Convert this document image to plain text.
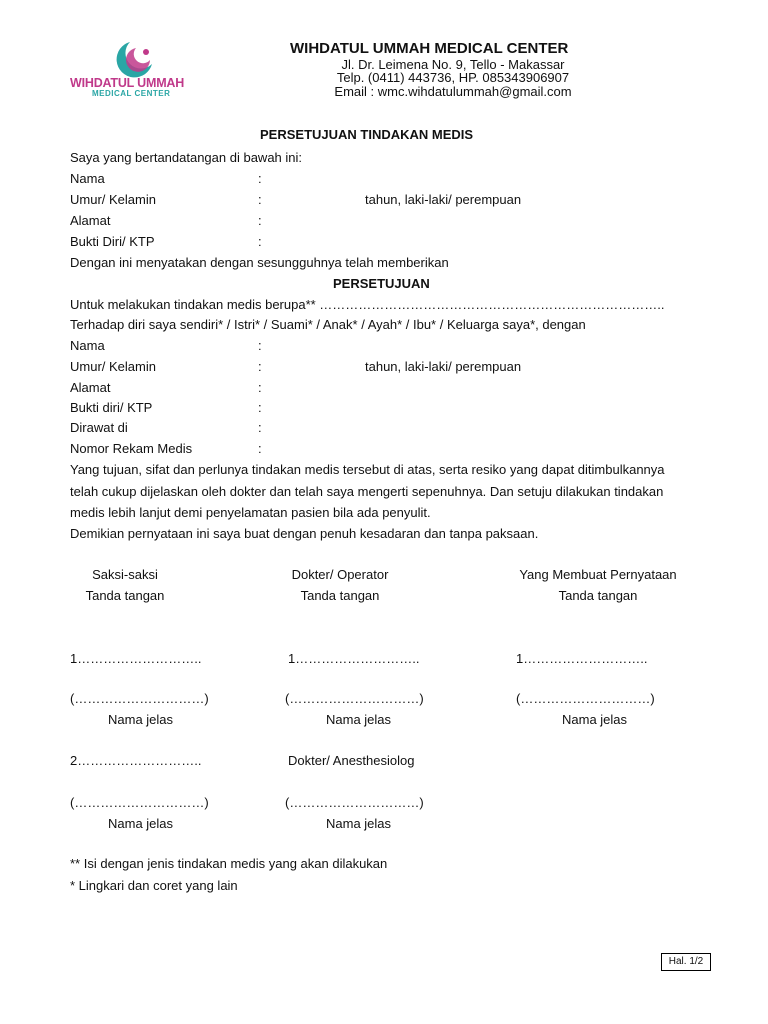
WIHDATUL UMMAH
MEDICAL CENTER
WIHDATUL UMMAH MEDICAL CENTER
Jl. Dr. Leimena No. 9, Tello - Makassar
Telp. (0411) 443736, HP. 085343906907
Email : wmc.wihdatulummah@gmail.com
PERSETUJUAN TINDAKAN MEDIS
Saya yang bertandatangan di bawah ini:
Nama	:
Umur/ Kelamin	:	tahun, laki-laki/ perempuan
Alamat	:
Bukti Diri/ KTP	:
Dengan ini menyatakan dengan sesungguhnya telah memberikan
PERSETUJUAN
Untuk melakukan tindakan medis berupa** ……………………………………………………………………..
Terhadap diri saya sendiri* / Istri* / Suami* / Anak* / Ayah* / Ibu* / Keluarga saya*, dengan
Nama	:
Umur/ Kelamin	:	tahun, laki-laki/ perempuan
Alamat	:
Bukti diri/ KTP	:
Dirawat di	:
Nomor Rekam Medis	:
Yang tujuan, sifat dan perlunya tindakan medis tersebut di atas, serta resiko yang dapat ditimbulkannya
telah cukup dijelaskan oleh dokter dan telah saya mengerti sepenuhnya. Dan setuju dilakukan tindakan
medis lebih lanjut demi penyelamatan pasien bila ada penyulit.
Demikian pernyataan ini saya buat dengan penuh kesadaran dan tanpa paksaan.
Saksi-saksi
Tanda tangan
Dokter/ Operator
Tanda tangan
Yang Membuat Pernyataan
Tanda tangan
1………………………..	1………………………..	1………………………..
(…………………………)	(…………………………)	(…………………………)
Nama jelas	Nama jelas	Nama jelas
2………………………..	Dokter/ Anesthesiolog
(…………………………)	(…………………………)
Nama jelas	Nama jelas
** Isi dengan jenis tindakan medis yang akan dilakukan
* Lingkari dan coret yang lain
Hal. 1/2
